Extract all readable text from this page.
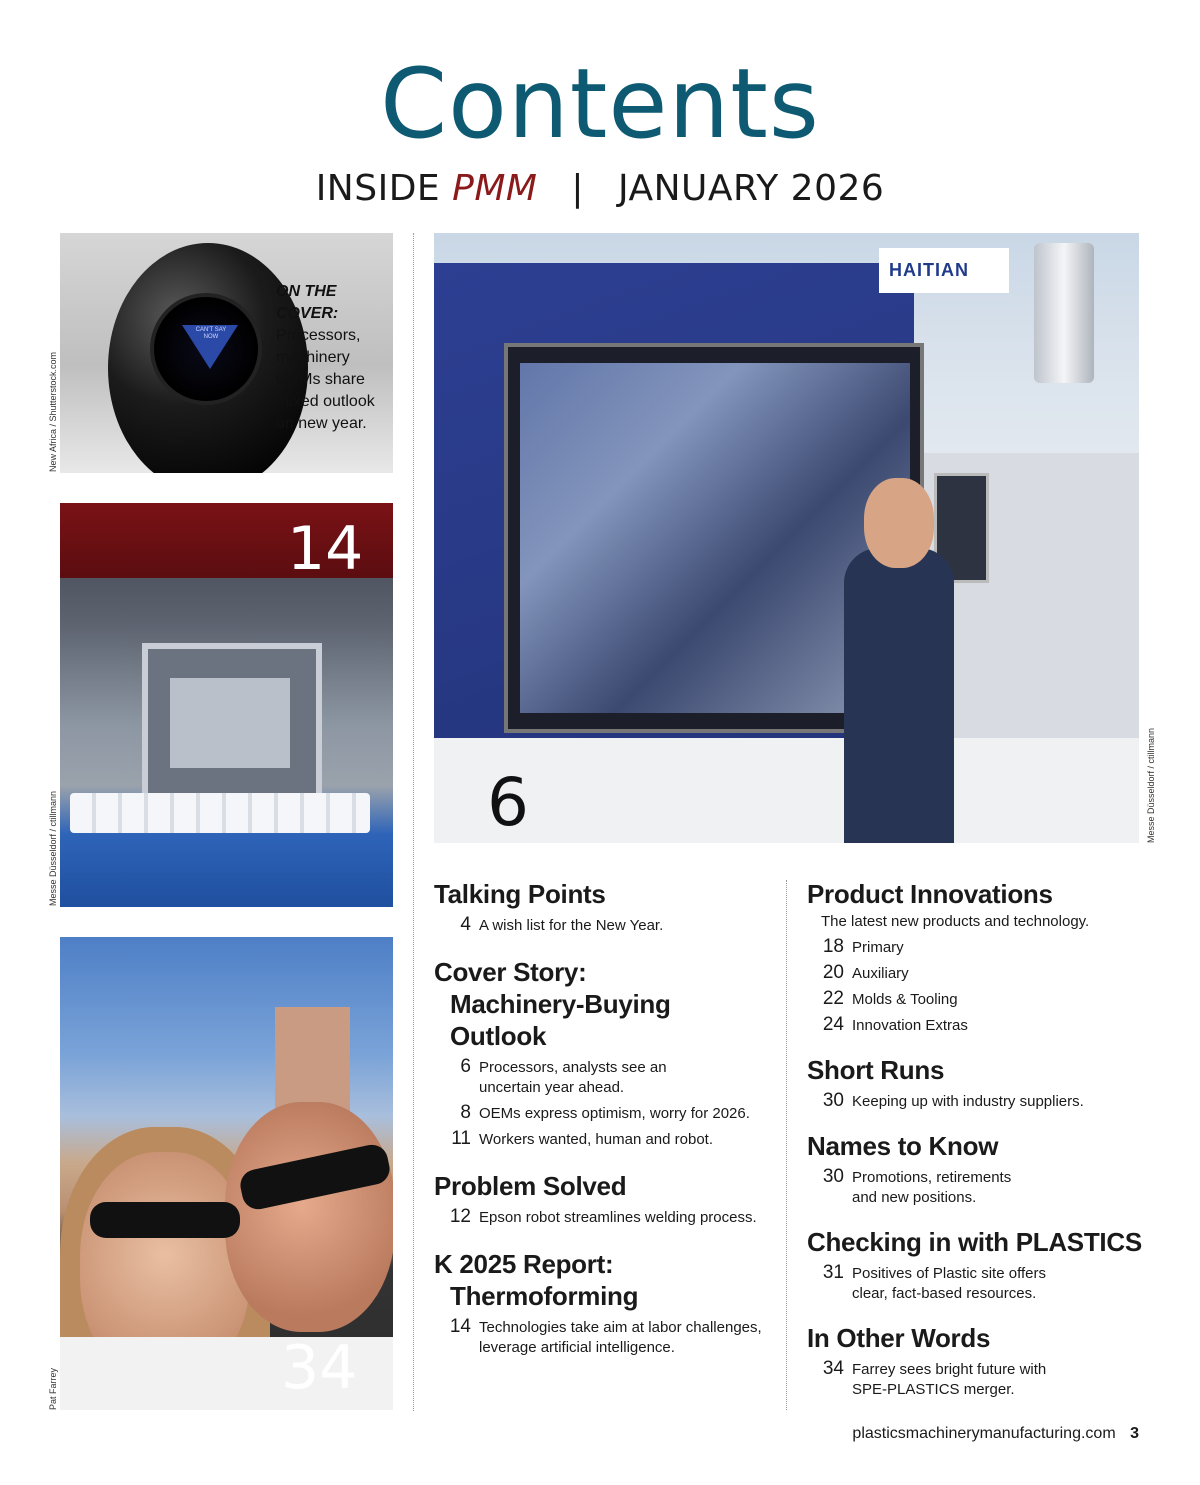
Contents
INSIDE PMM | JANUARY 2026
CAN'T SAY NOW
ON THE COVER:
Processors, machinery OEMs share mixed outlook on new year.
New Africa / Shutterstock.com
14
Messe Düsseldorf / ctillmann
34
Pat Farrey
HAITIAN
6	Messe Düsseldorf / ctillmann
Talking Points
4 A wish list for the New Year.
Cover Story:
Machinery-Buying
Outlook
6 Processors, analysts see an uncertain year ahead.
8 OEMs express optimism, worry for 2026.
11 Workers wanted, human and robot.
Problem Solved
12 Epson robot streamlines welding process.
K 2025 Report:
Thermoforming
14 Technologies take aim at labor challenges, leverage artificial intelligence.
Product Innovations
The latest new products and technology.
18 Primary
20 Auxiliary
22 Molds & Tooling
24 Innovation Extras
Short Runs
30 Keeping up with industry suppliers.
Names to Know
30 Promotions, retirements and new positions.
Checking in with PLASTICS
31 Positives of Plastic site offers clear, fact-based resources.
In Other Words
34 Farrey sees bright future with SPE-PLASTICS merger.
plasticsmachinerymanufacturing.com 3
